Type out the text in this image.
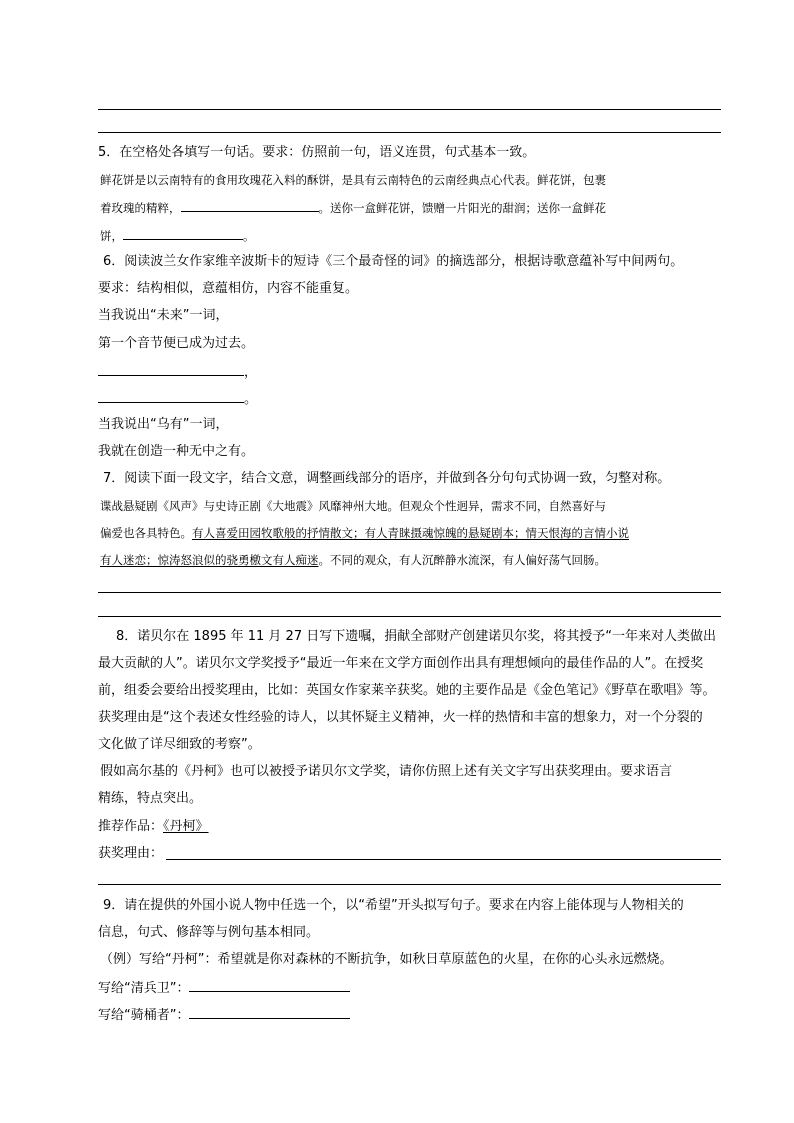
5．在空格处各填写一句话。要求：仿照前一句，语义连贯，句式基本一致。
鲜花饼是以云南特有的食用玫瑰花入料的酥饼，是具有云南特色的云南经典点心代表。鲜花饼，包裹
着玫瑰的精粹，	。送你一盒鲜花饼，馈赠一片阳光的甜润；送你一盒鲜花
饼，	。
6．阅读波兰女作家维辛波斯卡的短诗《三个最奇怪的词》的摘选部分，根据诗歌意蕴补写中间两句。
要求：结构相似，意蕴相仿，内容不能重复。
当我说出“未来”一词，
第一个音节便已成为过去。
，
。
当我说出“乌有”一词，
我就在创造一种无中之有。
7．阅读下面一段文字，结合文意，调整画线部分的语序，并做到各分句句式协调一致，匀整对称。
谍战悬疑剧《风声》与史诗正剧《大地震》风靡神州大地。但观众个性迥异，需求不同，自然喜好与
偏爱也各具特色。有人喜爱田园牧歌般的抒情散文；有人青睐摄魂惊魄的悬疑剧本；情天恨海的言情小说
有人迷恋；惊涛怒浪似的骁勇檄文有人痴迷。不同的观众，有人沉醉静水流深，有人偏好荡气回肠。
8．诺贝尔在 1895 年 11 月 27 日写下遗嘱，捐献全部财产创建诺贝尔奖，将其授予“一年来对人类做出
最大贡献的人”。诺贝尔文学奖授予“最近一年来在文学方面创作出具有理想倾向的最佳作品的人”。在授奖
前，组委会要给出授奖理由，比如：英国女作家莱辛获奖。她的主要作品是《金色笔记》《野草在歌唱》等。
获奖理由是“这个表述女性经验的诗人，以其怀疑主义精神，火一样的热情和丰富的想象力，对一个分裂的
文化做了详尽细致的考察”。
假如高尔基的《丹柯》也可以被授予诺贝尔文学奖，请你仿照上述有关文字写出获奖理由。要求语言
精练，特点突出。
推荐作品：《丹柯》
获奖理由：
9．请在提供的外国小说人物中任选一个，以“希望”开头拟写句子。要求在内容上能体现与人物相关的
信息，句式、修辞等与例句基本相同。
（例）写给“丹柯”：希望就是你对森林的不断抗争，如秋日草原蓝色的火星，在你的心头永远燃烧。
写给“清兵卫”：
写给“骑桶者”：
